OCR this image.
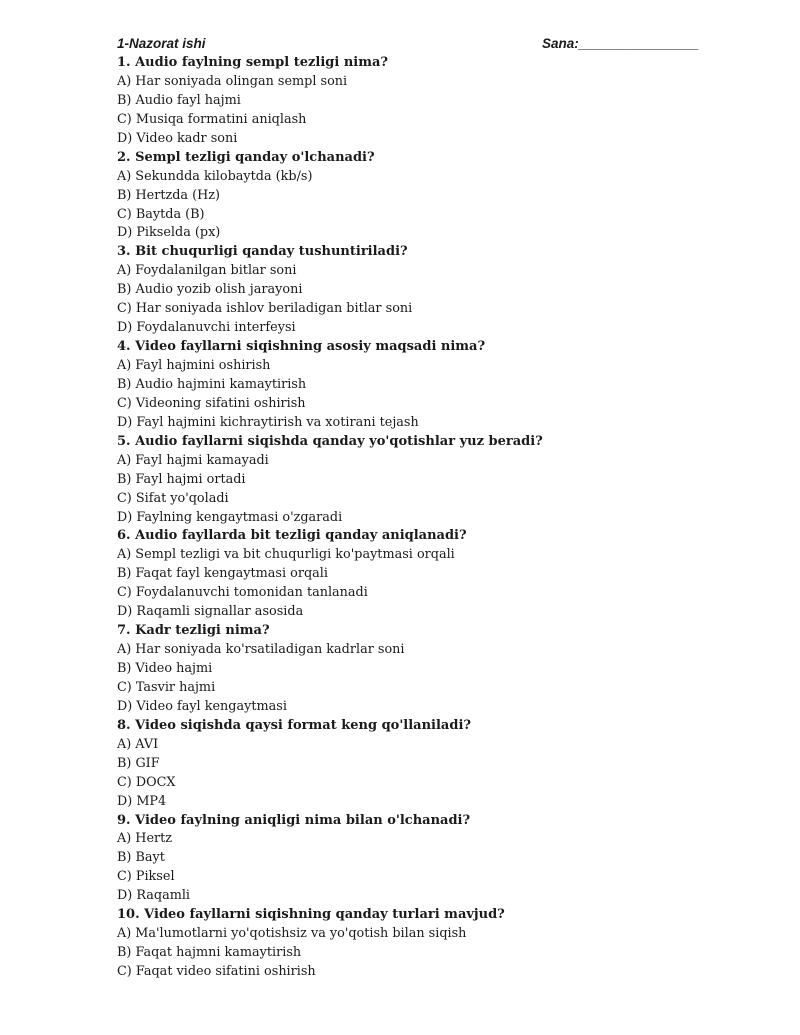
1-Nazorat ishi	Sana:________________
1. Audio faylning sempl tezligi nima?
A) Har soniyada olingan sempl soni
B) Audio fayl hajmi
C) Musiqa formatini aniqlash
D) Video kadr soni
2. Sempl tezligi qanday o'lchanadi?
A) Sekundda kilobaytda (kb/s)
B) Hertzda (Hz)
C) Baytda (B)
D) Pikselda (px)
3. Bit chuqurligi qanday tushuntiriladi?
A) Foydalanilgan bitlar soni
B) Audio yozib olish jarayoni
C) Har soniyada ishlov beriladigan bitlar soni
D) Foydalanuvchi interfeysi
4. Video fayllarni siqishning asosiy maqsadi nima?
A) Fayl hajmini oshirish
B) Audio hajmini kamaytirish
C) Videoning sifatini oshirish
D) Fayl hajmini kichraytirish va xotirani tejash
5. Audio fayllarni siqishda qanday yo'qotishlar yuz beradi?
A) Fayl hajmi kamayadi
B) Fayl hajmi ortadi
C) Sifat yo'qoladi
D) Faylning kengaytmasi o'zgaradi
6. Audio fayllarda bit tezligi qanday aniqlanadi?
A) Sempl tezligi va bit chuqurligi ko'paytmasi orqali
B) Faqat fayl kengaytmasi orqali
C) Foydalanuvchi tomonidan tanlanadi
D) Raqamli signallar asosida
7. Kadr tezligi nima?
A) Har soniyada ko'rsatiladigan kadrlar soni
B) Video hajmi
C) Tasvir hajmi
D) Video fayl kengaytmasi
8. Video siqishda qaysi format keng qo'llaniladi?
A) AVI
B) GIF
C) DOCX
D) MP4
9. Video faylning aniqligi nima bilan o'lchanadi?
A) Hertz
B) Bayt
C) Piksel
D) Raqamli
10. Video fayllarni siqishning qanday turlari mavjud?
A) Ma'lumotlarni yo'qotishsiz va yo'qotish bilan siqish
B) Faqat hajmni kamaytirish
C) Faqat video sifatini oshirish
